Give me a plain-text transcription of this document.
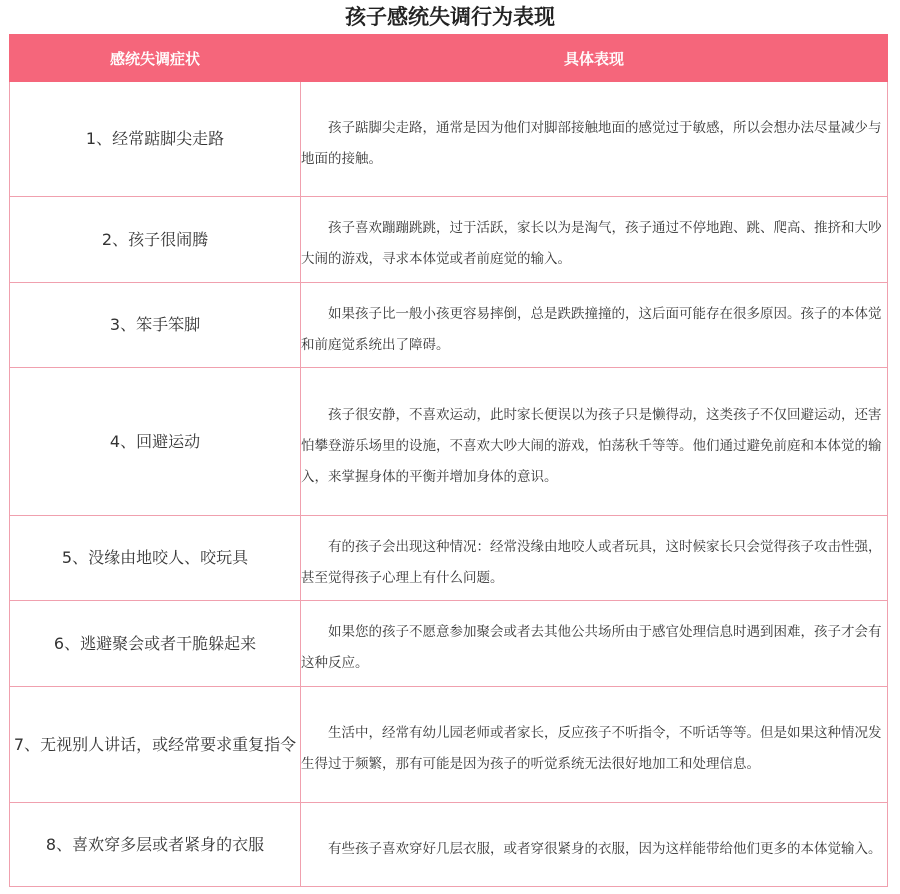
孩子感统失调行为表现
感统失调症状	具体表现
1、经常踮脚尖走路	孩子踮脚尖走路，通常是因为他们对脚部接触地面的感觉过于敏感，所以会想办法尽量减少与地面的接触。

2、孩子很闹腾	孩子喜欢蹦蹦跳跳，过于活跃，家长以为是淘气，孩子通过不停地跑、跳、爬高、推挤和大吵大闹的游戏，寻求本体觉或者前庭觉的输入。

3、笨手笨脚	如果孩子比一般小孩更容易摔倒，总是跌跌撞撞的，这后面可能存在很多原因。孩子的本体觉和前庭觉系统出了障碍。

4、回避运动	孩子很安静，不喜欢运动，此时家长便误以为孩子只是懒得动，这类孩子不仅回避运动，还害怕攀登游乐场里的设施，不喜欢大吵大闹的游戏，怕荡秋千等等。他们通过避免前庭和本体觉的输入，来掌握身体的平衡并增加身体的意识。

5、没缘由地咬人、咬玩具	有的孩子会出现这种情况：经常没缘由地咬人或者玩具，这时候家长只会觉得孩子攻击性强，甚至觉得孩子心理上有什么问题。

6、逃避聚会或者干脆躲起来	如果您的孩子不愿意参加聚会或者去其他公共场所由于感官处理信息时遇到困难，孩子才会有这种反应。

7、无视别人讲话，或经常要求重复指令	生活中，经常有幼儿园老师或者家长，反应孩子不听指令，不听话等等。但是如果这种情况发生得过于频繁，那有可能是因为孩子的听觉系统无法很好地加工和处理信息。

8、喜欢穿多层或者紧身的衣服	有些孩子喜欢穿好几层衣服，或者穿很紧身的衣服，因为这样能带给他们更多的本体觉输入。
